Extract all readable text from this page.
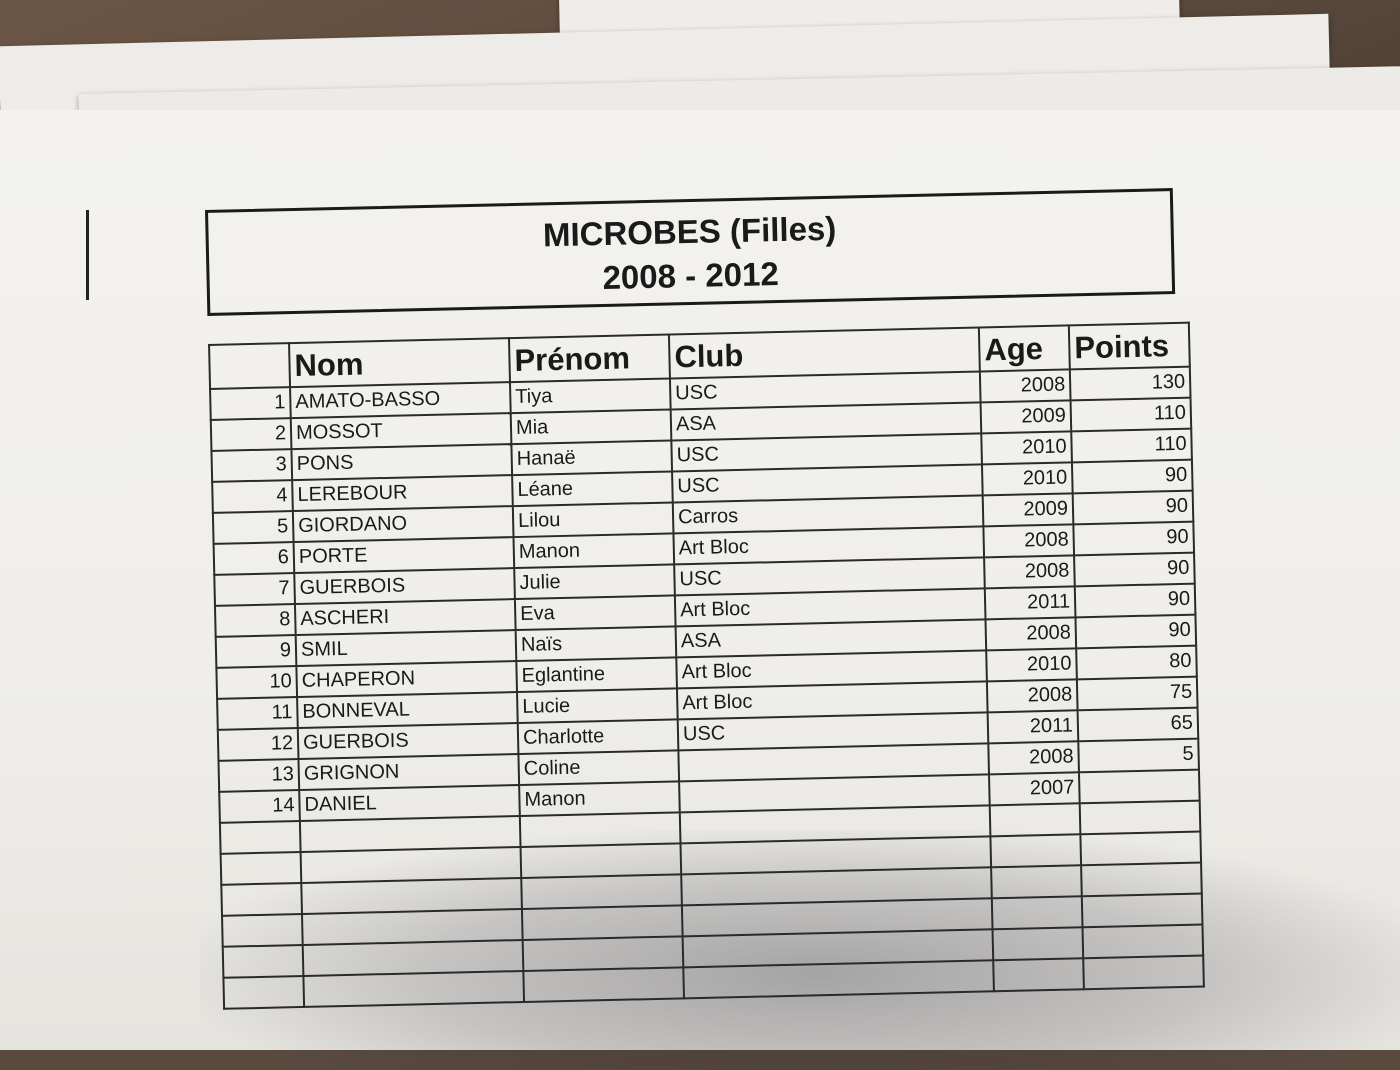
MICROBES (Filles)
2008 - 2012
	Nom	Prénom	Club	Age	Points
1	AMATO-BASSO	Tiya	USC	2008	130
2	MOSSOT	Mia	ASA	2009	110
3	PONS	Hanaë	USC	2010	110
4	LEREBOUR	Léane	USC	2010	90
5	GIORDANO	Lilou	Carros	2009	90
6	PORTE	Manon	Art Bloc	2008	90
7	GUERBOIS	Julie	USC	2008	90
8	ASCHERI	Eva	Art Bloc	2011	90
9	SMIL	Naïs	ASA	2008	90
10	CHAPERON	Eglantine	Art Bloc	2010	80
11	BONNEVAL	Lucie	Art Bloc	2008	75
12	GUERBOIS	Charlotte	USC	2011	65
13	GRIGNON	Coline		2008	5
14	DANIEL	Manon		2007	
